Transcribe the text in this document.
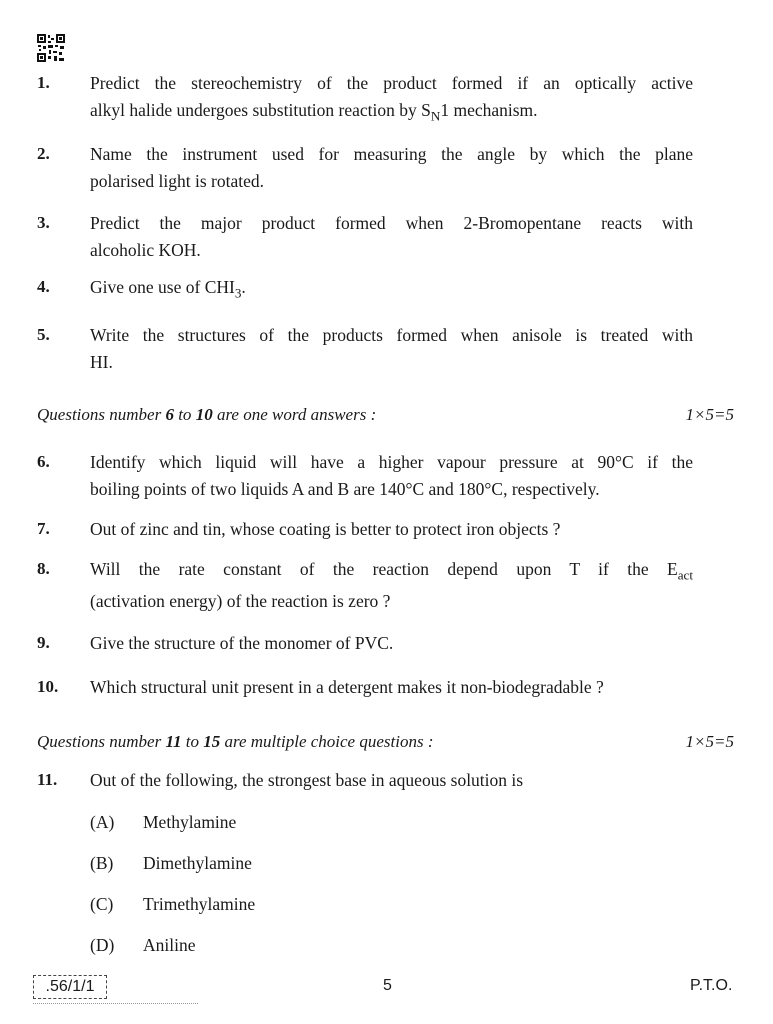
1. Predict the stereochemistry of the product formed if an optically active
alkyl halide undergoes substitution reaction by $S_N1$ mechanism.
2. Name the instrument used for measuring the angle by which the plane
polarised light is rotated.
3. Predict the major product formed when 2-Bromopentane reacts with
alcoholic KOH.
4. Give one use of $CHI_3$.
5. Write the structures of the products formed when anisole is treated with
HI.
Questions number 6 to 10 are one word answers :	1×5=5
6. Identify which liquid will have a higher vapour pressure at 90°C if the
boiling points of two liquids A and B are 140°C and 180°C, respectively.
7. Out of zinc and tin, whose coating is better to protect iron objects ?
8. Will the rate constant of the reaction depend upon T if the $E_{act}$
(activation energy) of the reaction is zero ?
9. Give the structure of the monomer of PVC.
10. Which structural unit present in a detergent makes it non-biodegradable ?
Questions number 11 to 15 are multiple choice questions :	1×5=5
11. Out of the following, the strongest base in aqueous solution is
(A) Methylamine
(B) Dimethylamine
(C) Trimethylamine
(D) Aniline
.56/1/1	5	P.T.O.
